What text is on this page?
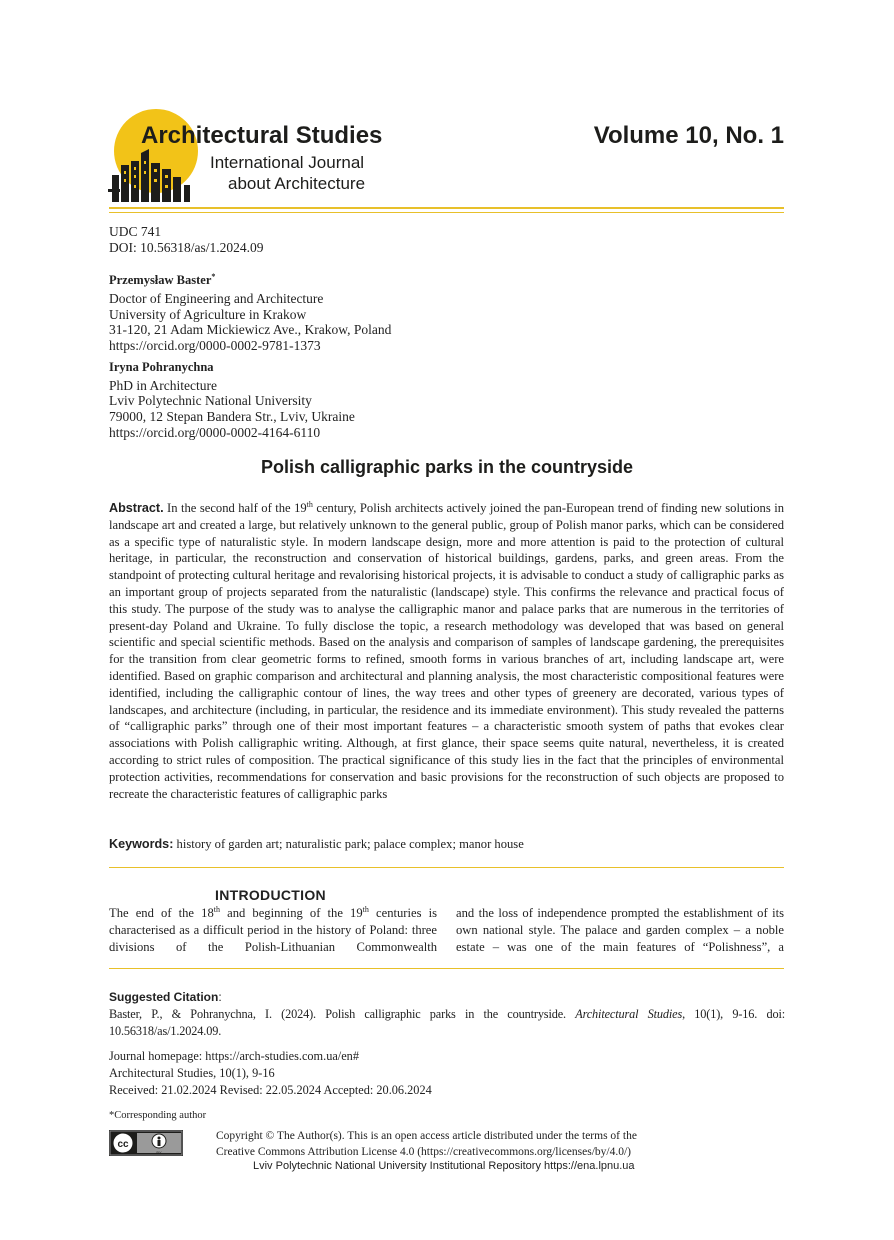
Architectural Studies
International Journal
about Architecture
Volume 10, No. 1
UDC 741
DOI: 10.56318/as/1.2024.09
Przemysław Baster*
Doctor of Engineering and Architecture
University of Agriculture in Krakow
31-120, 21 Adam Mickiewicz Ave., Krakow, Poland
https://orcid.org/0000-0002-9781-1373
Iryna Pohranychna
PhD in Architecture
Lviv Polytechnic National University
79000, 12 Stepan Bandera Str., Lviv, Ukraine
https://orcid.org/0000-0002-4164-6110
Polish calligraphic parks in the countryside
Abstract. In the second half of the 19th century, Polish architects actively joined the pan-European trend of finding new solutions in landscape art and created a large, but relatively unknown to the general public, group of Polish manor parks, which can be considered as a specific type of naturalistic style. In modern landscape design, more and more attention is paid to the protection of cultural heritage, in particular, the reconstruction and conservation of historical buildings, gardens, parks, and green areas. From the standpoint of protecting cultural heritage and revalorising historical projects, it is advisable to conduct a study of calligraphic parks as an important group of projects separated from the naturalistic (landscape) style. This confirms the relevance and practical focus of this study. The purpose of the study was to analyse the calligraphic manor and palace parks that are numerous in the territories of present-day Poland and Ukraine. To fully disclose the topic, a research methodology was developed that was based on general scientific and special scientific methods. Based on the analysis and comparison of samples of landscape gardening, the prerequisites for the transition from clear geometric forms to refined, smooth forms in various branches of art, including landscape art, were identified. Based on graphic comparison and architectural and planning analysis, the most characteristic compositional features were identified, including the calligraphic contour of lines, the way trees and other types of greenery are decorated, various types of landscapes, and architecture (including, in particular, the residence and its immediate environment). This study revealed the patterns of “calligraphic parks” through one of their most important features – a characteristic smooth system of paths that evokes clear associations with Polish calligraphic writing. Although, at first glance, their space seems quite natural, nevertheless, it is created according to strict rules of composition. The practical significance of this study lies in the fact that the principles of environmental protection activities, recommendations for conservation and basic provisions for the reconstruction of such objects are proposed to recreate the characteristic features of calligraphic parks
Keywords: history of garden art; naturalistic park; palace complex; manor house
INTRODUCTION
The end of the 18th and beginning of the 19th centuries is characterised as a difficult period in the history of Poland: three divisions of the Polish-Lithuanian Commonwealth
and the loss of independence prompted the establishment of its own national style. The palace and garden complex – a noble estate – was one of the main features of “Polishness”, a
Suggested Citation:
Baster, P., & Pohranychna, I. (2024). Polish calligraphic parks in the countryside. Architectural Studies, 10(1), 9-16. doi: 10.56318/as/1.2024.09.
Journal homepage: https://arch-studies.com.ua/en#
Architectural Studies, 10(1), 9-16
Received: 21.02.2024 Revised: 22.05.2024 Accepted: 20.06.2024
*Corresponding author
cc
BY
Copyright © The Author(s). This is an open access article distributed under the terms of the
Creative Commons Attribution License 4.0 (https://creativecommons.org/licenses/by/4.0/)
Lviv Polytechnic National University Institutional Repository https://ena.lpnu.ua
